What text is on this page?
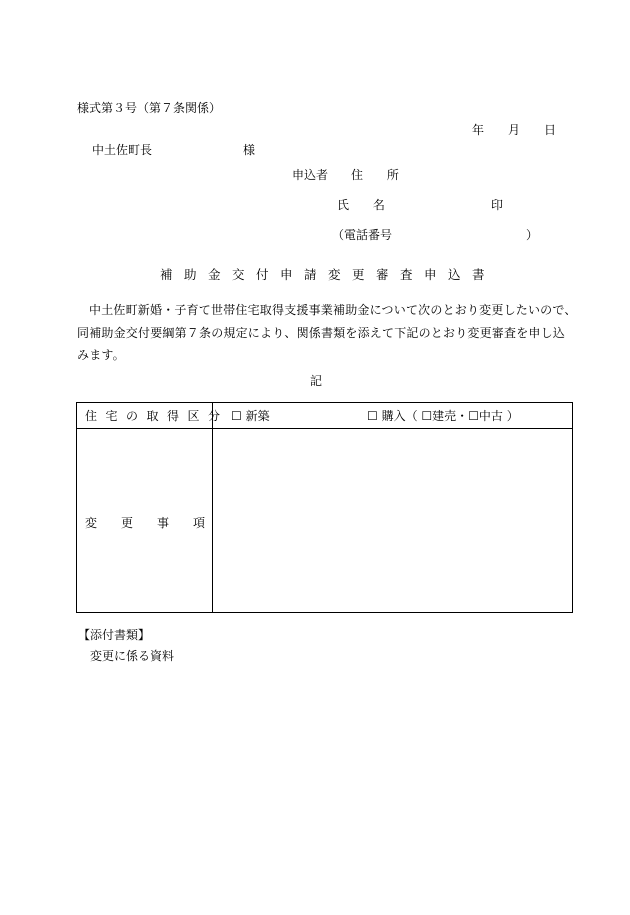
様式第３号（第７条関係）
年 月 日
中土佐町長	様
申込者 住 所
氏 名	印
（電話番号	）
補助金交付申請変更審査申込書
中土佐町新婚・子育て世帯住宅取得支援事業補助金について次のとおり変更したいので、同補助金交付要綱第７条の規定により、関係書類を添えて下記のとおり変更審査を申し込みます。
記
住宅の取得区分 ☐ 新築	☐ 購入（ ☐建売・☐中古 ）
変 更 事 項
【添付書類】
変更に係る資料
